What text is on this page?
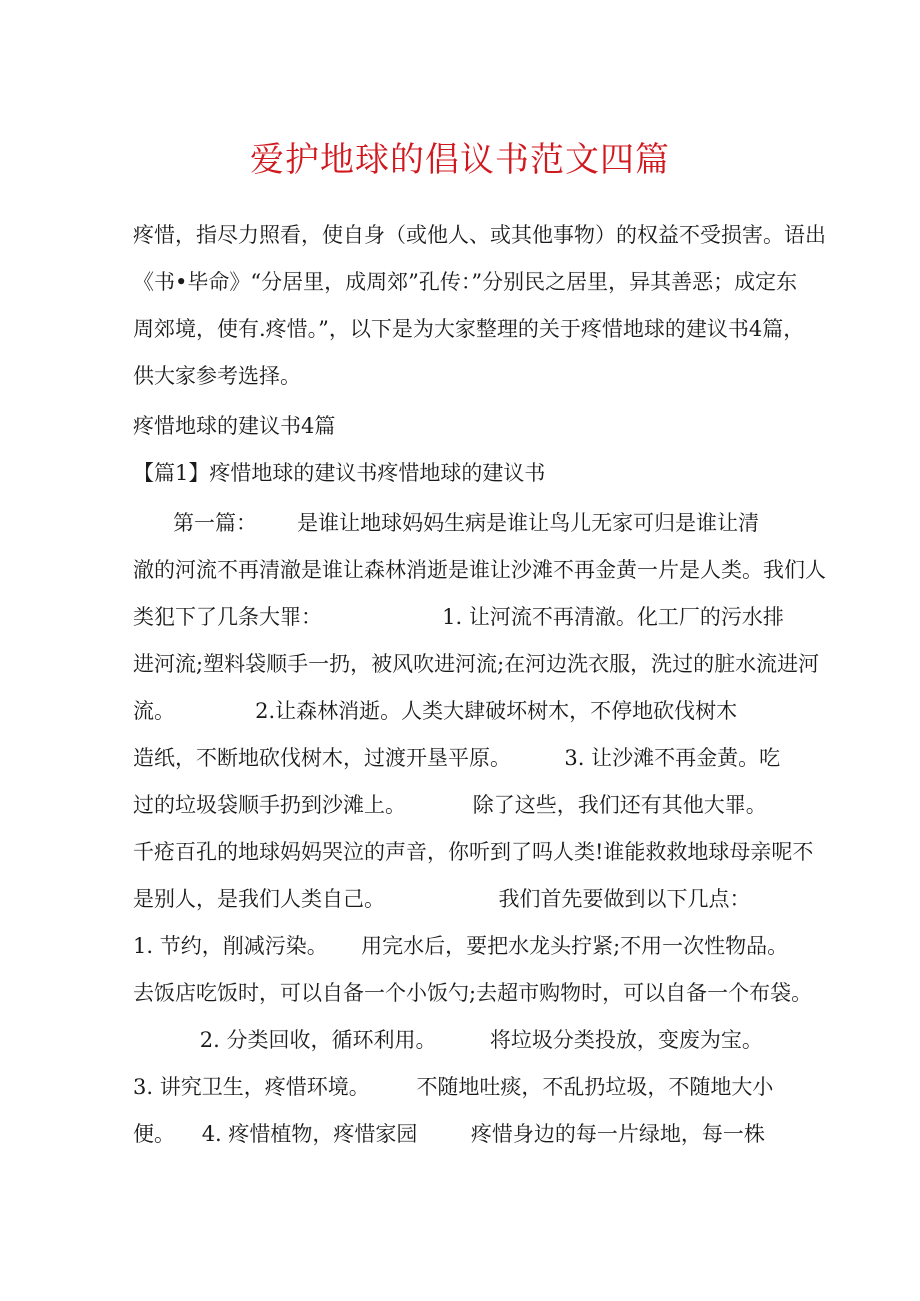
爱护地球的倡议书范文四篇
疼惜，指尽力照看，使自身（或他人、或其他事物）的权益不受损害。语出
《书•毕命》“分居里，成周郊”孔传：”分别民之居里，异其善恶；成定东
周郊境，使有.疼惜。”，以下是为大家整理的关于疼惜地球的建议书4篇，
供大家参考选择。
疼惜地球的建议书4篇
【篇1】疼惜地球的建议书疼惜地球的建议书
第一篇：      是谁让地球妈妈生病是谁让鸟儿无家可归是谁让清
澈的河流不再清澈是谁让森林消逝是谁让沙滩不再金黄一片是人类。我们人
类犯下了几条大罪：                  1. 让河流不再清澈。化工厂的污水排
进河流;塑料袋顺手一扔，被风吹进河流;在河边洗衣服，洗过的脏水流进河
流。            2.让森林消逝。人类大肆破坏树木，不停地砍伐树木
造纸，不断地砍伐树木，过渡开垦平原。        3. 让沙滩不再金黄。吃
过的垃圾袋顺手扔到沙滩上。          除了这些，我们还有其他大罪。
千疮百孔的地球妈妈哭泣的声音，你听到了吗人类!谁能救救地球母亲呢不
是别人，是我们人类自己。                 我们首先要做到以下几点：
1. 节约，削减污染。     用完水后，要把水龙头拧紧;不用一次性物品。
去饭店吃饭时，可以自备一个小饭勺;去超市购物时，可以自备一个布袋。
2. 分类回收，循环利用。        将垃圾分类投放，变废为宝。
3. 讲究卫生，疼惜环境。       不随地吐痰，不乱扔垃圾，不随地大小
便。    4. 疼惜植物，疼惜家园        疼惜身边的每一片绿地，每一株
